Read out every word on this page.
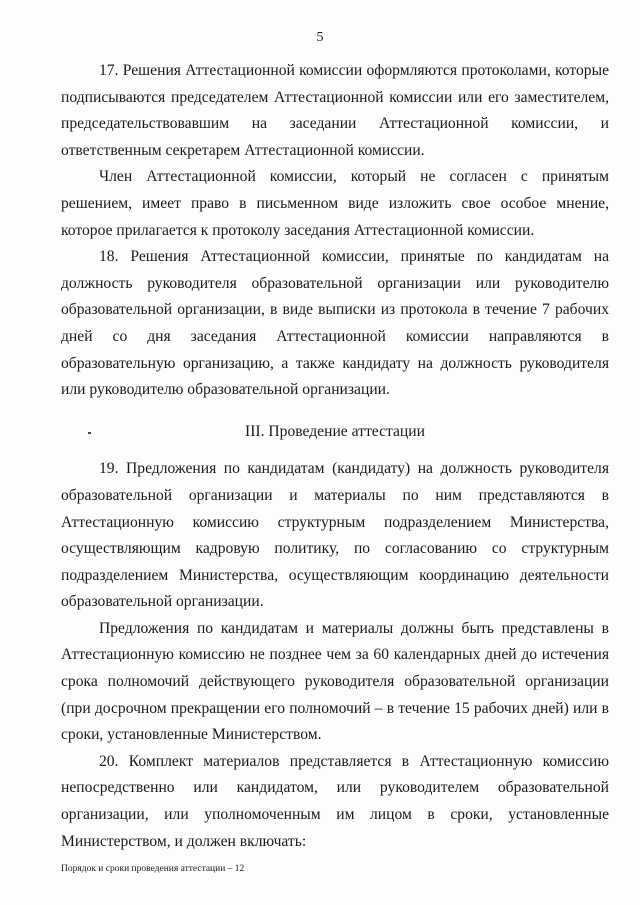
5

17. Решения Аттестационной комиссии оформляются протоколами, которые подписываются председателем Аттестационной комиссии или его заместителем, председательствовавшим на заседании Аттестационной комиссии, и ответственным секретарем Аттестационной комиссии.

Член Аттестационной комиссии, который не согласен с принятым решением, имеет право в письменном виде изложить свое особое мнение, которое прилагается к протоколу заседания Аттестационной комиссии.

18. Решения Аттестационной комиссии, принятые по кандидатам на должность руководителя образовательной организации или руководителю образовательной организации, в виде выписки из протокола в течение 7 рабочих дней со дня заседания Аттестационной комиссии направляются в образовательную организацию, а также кандидату на должность руководителя или руководителю образовательной организации.

III. Проведение аттестации

19. Предложения по кандидатам (кандидату) на должность руководителя образовательной организации и материалы по ним представляются в Аттестационную комиссию структурным подразделением Министерства, осуществляющим кадровую политику, по согласованию со структурным подразделением Министерства, осуществляющим координацию деятельности образовательной организации.

Предложения по кандидатам и материалы должны быть представлены в Аттестационную комиссию не позднее чем за 60 календарных дней до истечения срока полномочий действующего руководителя образовательной организации (при досрочном прекращении его полномочий – в течение 15 рабочих дней) или в сроки, установленные Министерством.

20. Комплект материалов представляется в Аттестационную комиссию непосредственно или кандидатом, или руководителем образовательной организации, или уполномоченным им лицом в сроки, установленные Министерством, и должен включать:

Порядок и сроки проведения аттестации – 12
